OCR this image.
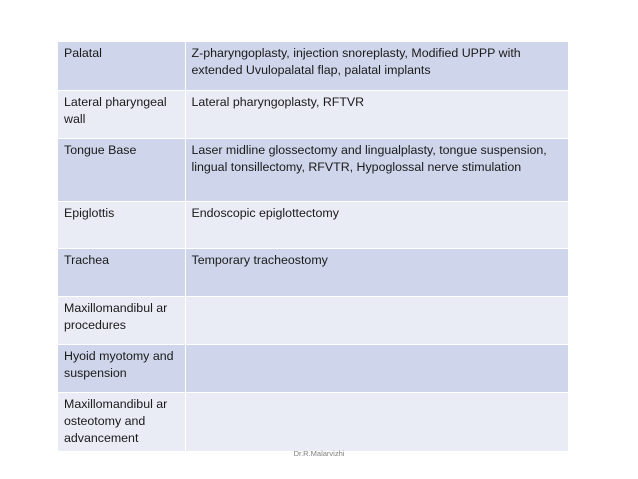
Palatal	Z-pharyngoplasty, injection snoreplasty, Modified UPPP with extended Uvulopalatal flap, palatal implants
Lateral pharyngeal wall	Lateral pharyngoplasty, RFTVR
Tongue Base	Laser midline glossectomy and lingualplasty, tongue suspension, lingual tonsillectomy, RFVTR, Hypoglossal nerve stimulation
Epiglottis	Endoscopic epiglottectomy
Trachea	Temporary tracheostomy
Maxillomandibul ar procedures	
Hyoid myotomy and suspension	
Maxillomandibul ar osteotomy and advancement	
Dr.R.Malarvizhi
